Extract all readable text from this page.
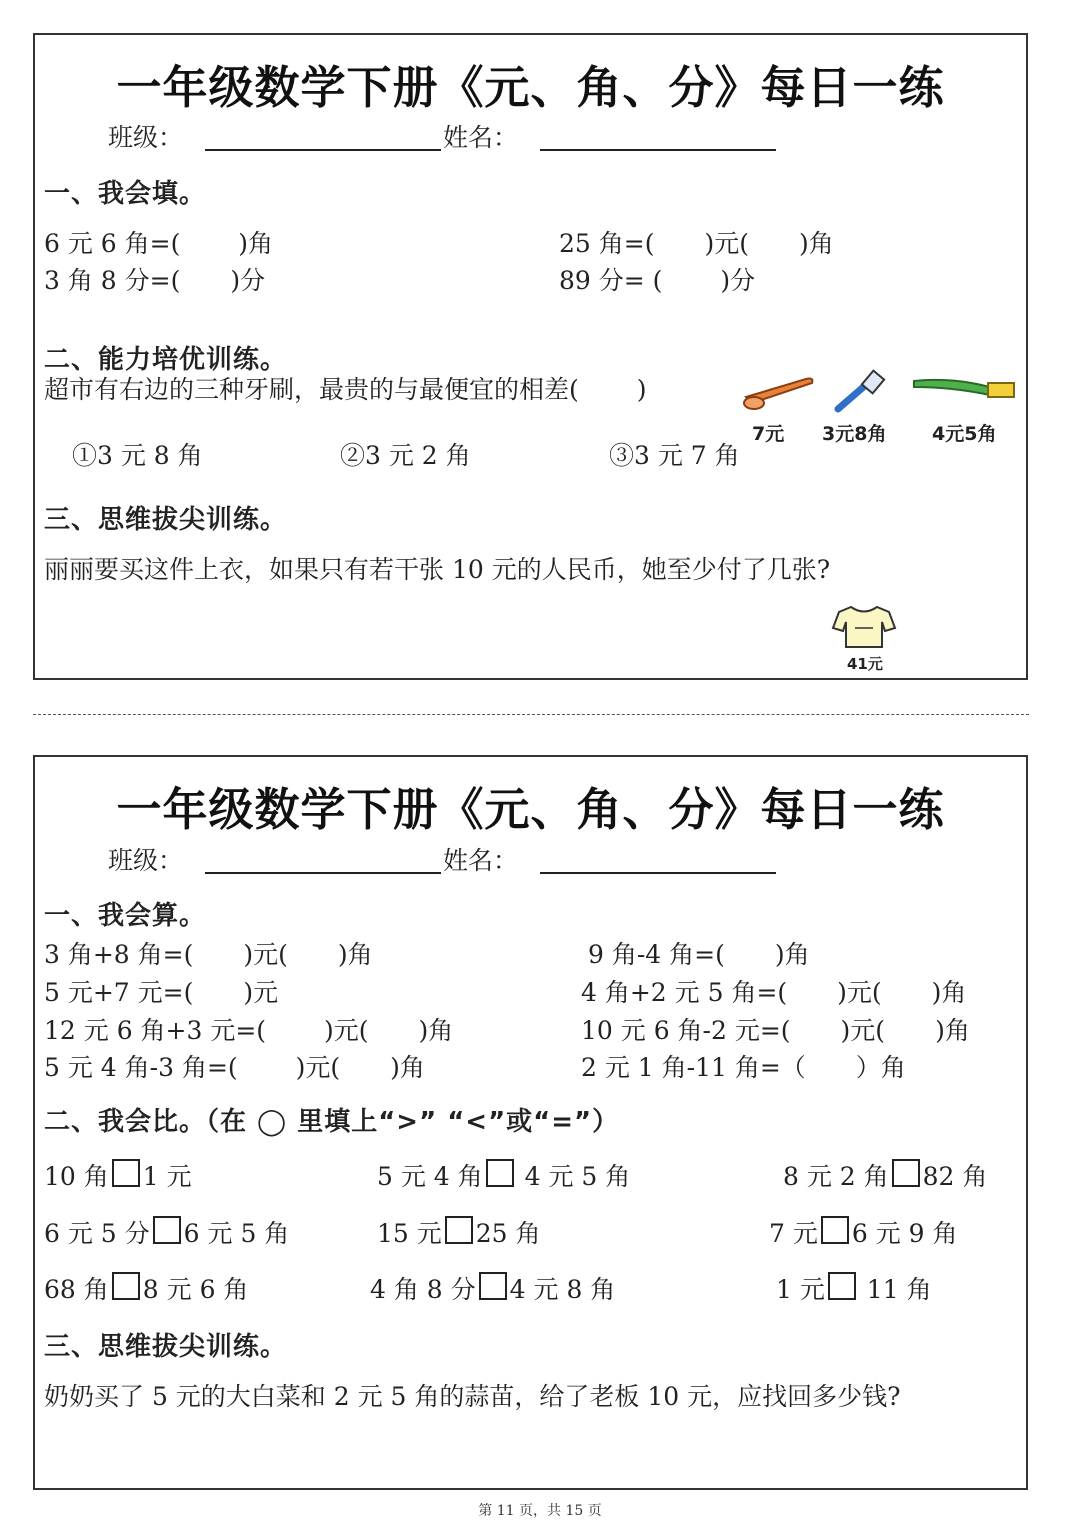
一年级数学下册《元、角、分》每日一练
班级：	姓名：
一、我会填。
6 元 6 角=(　　 )角	25 角=(　　)元(　　)角
3 角 8 分=(　　)分	89 分= (　　 )分
二、能力培优训练。
超市有右边的三种牙刷，最贵的与最便宜的相差(　　 )
7元 3元8角 4元5角
①3 元 8 角	②3 元 2 角	③3 元 7 角
三、思维拔尖训练。
丽丽要买这件上衣，如果只有若干张 10 元的人民币，她至少付了几张?
41元
一年级数学下册《元、角、分》每日一练
班级：	姓名：
一、我会算。
3 角+8 角=(　　)元(　　)角	9 角-4 角=(　　)角
5 元+7 元=(　　)元	4 角+2 元 5 角=(　　)元(　　)角
12 元 6 角+3 元=(　　 )元(　　)角	10 元 6 角-2 元=(　　)元(　　)角
5 元 4 角-3 角=(　　 )元(　　)角	2 元 1 角-11 角=（　　）角
二、我会比。（在 ◯ 里填上“>” “<”或“=”）
10 角 1 元	5 元 4 角 4 元 5 角	8 元 2 角 82 角
6 元 5 分 6 元 5 角	15 元 25 角	7 元 6 元 9 角
68 角 8 元 6 角	4 角 8 分 4 元 8 角	1 元 11 角
三、思维拔尖训练。
奶奶买了 5 元的大白菜和 2 元 5 角的蒜苗，给了老板 10 元，应找回多少钱?
第 11 页，共 15 页
